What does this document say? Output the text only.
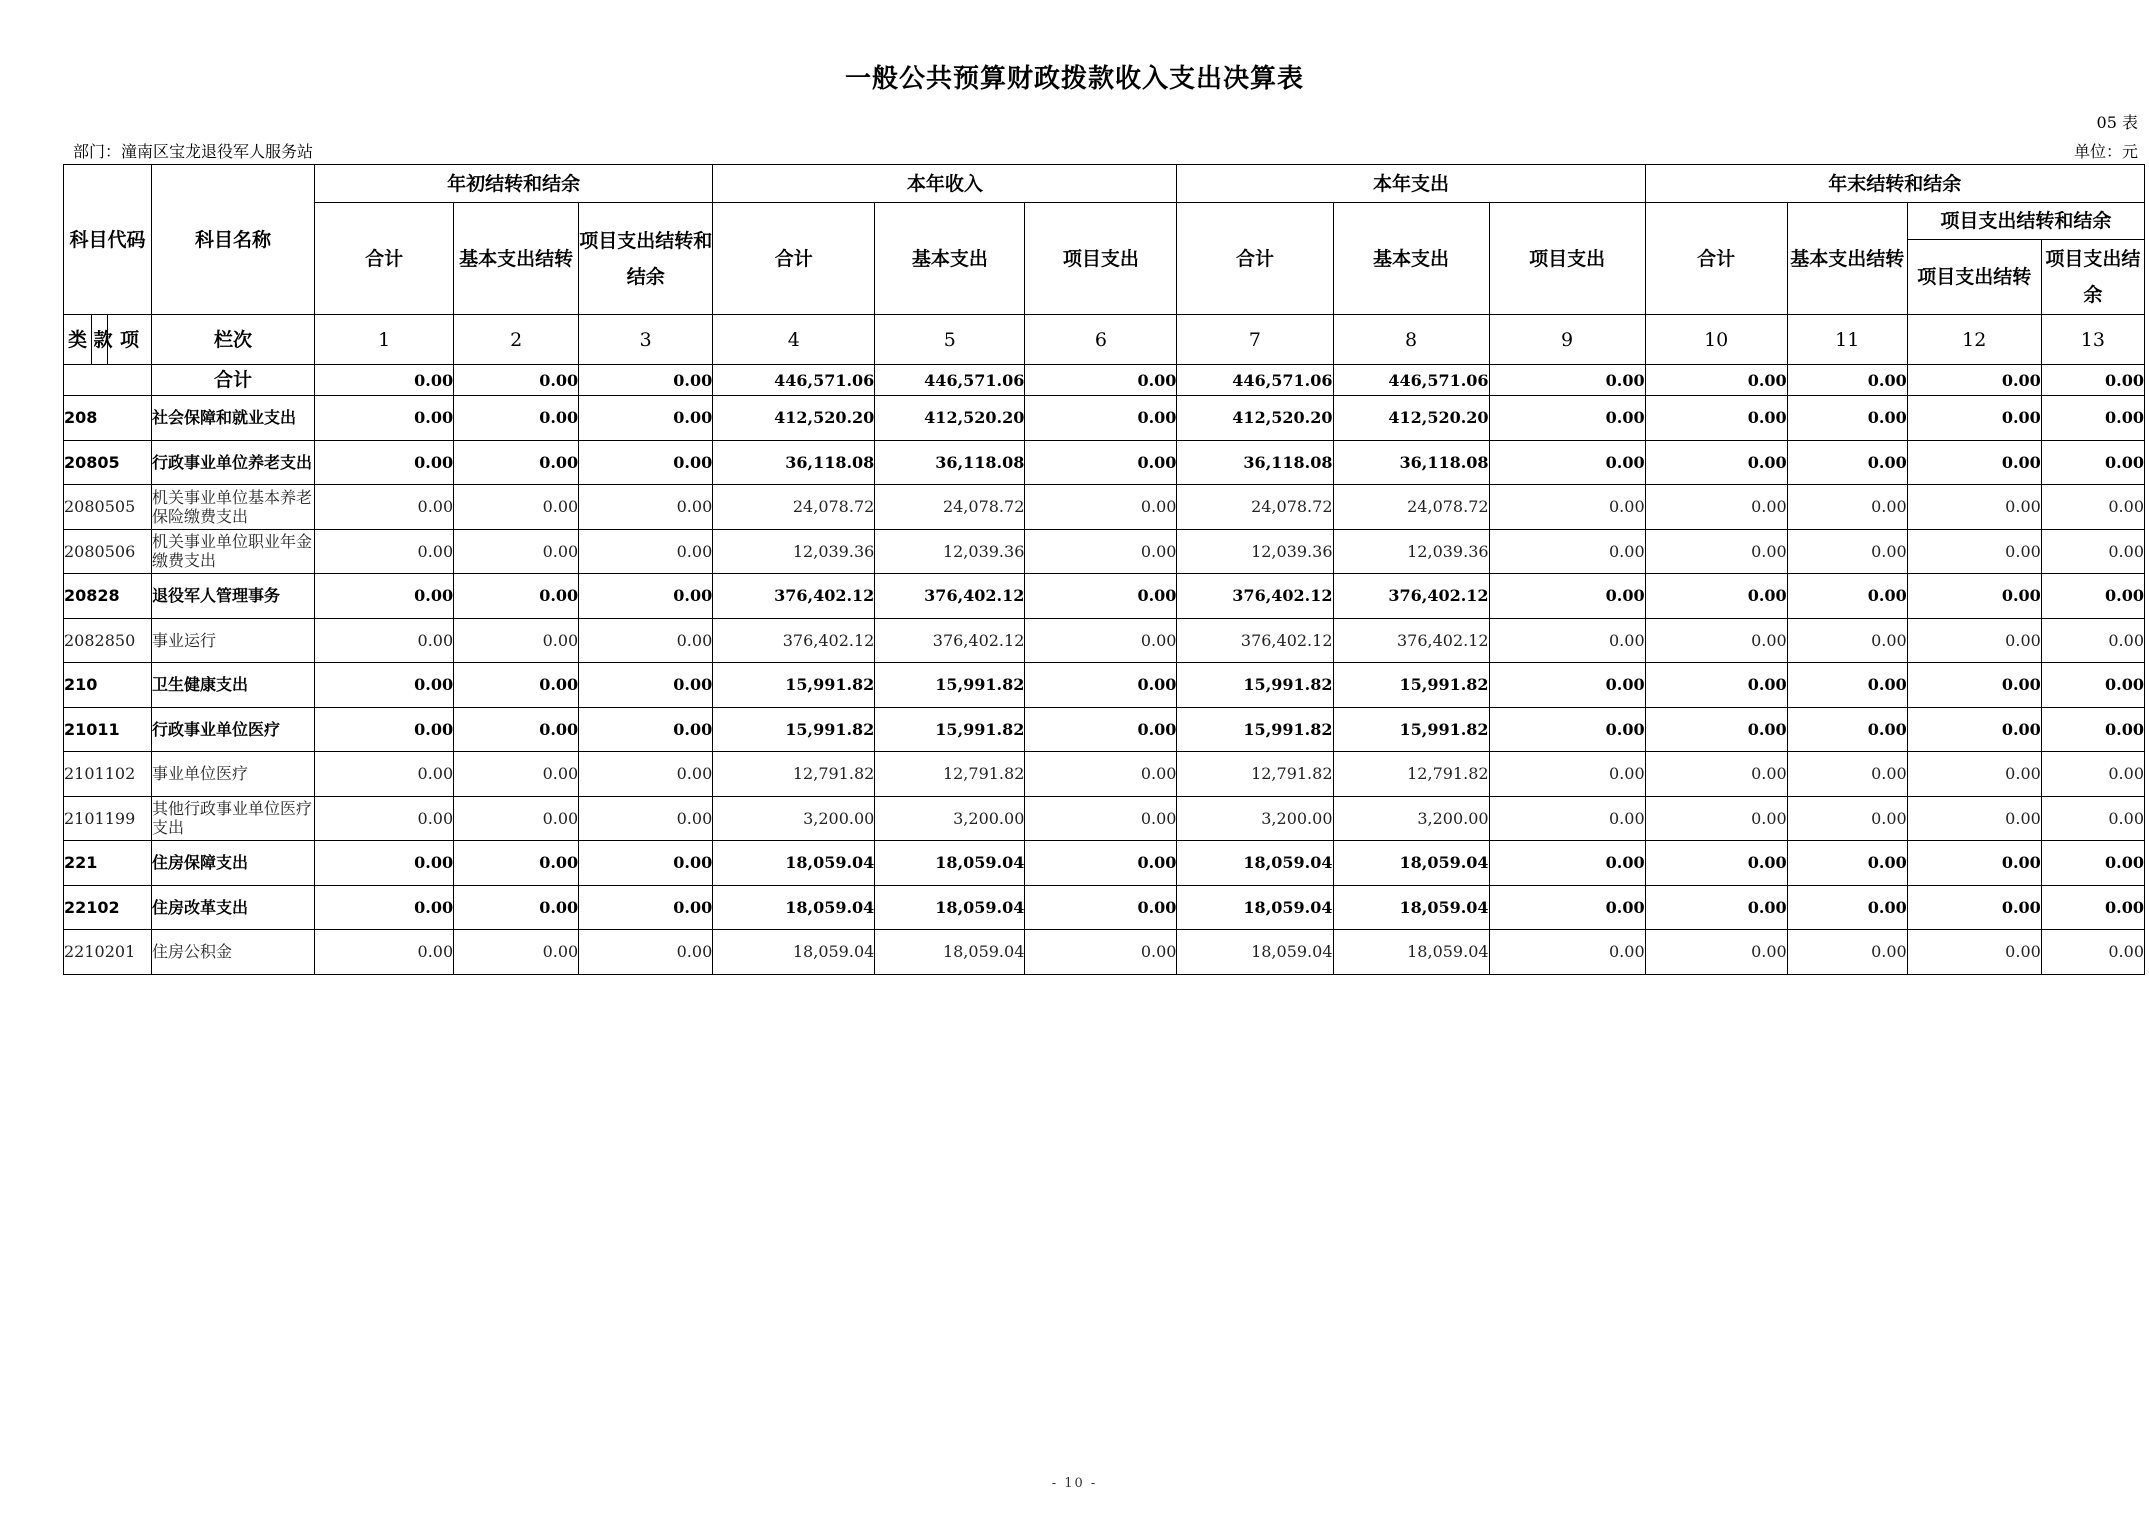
一般公共预算财政拨款收入支出决算表
05 表
部门：潼南区宝龙退役军人服务站	单位：元
科目代码			科目名称	年初结转和结余			本年收入			本年支出			年末结转和结余			
				合计	基本支出结转	项目支出结转和结余	合计	基本支出	项目支出	合计	基本支出	项目支出	合计	基本支出结转	项目支出结转和结余	
															项目支出结转	项目支出结余
类	款	项	栏次	1	2	3	4	5	6	7	8	9	10	11	12	13
			合计	0.00	0.00	0.00	446,571.06	446,571.06	0.00	446,571.06	446,571.06	0.00	0.00	0.00	0.00	0.00
208			社会保障和就业支出	0.00	0.00	0.00	412,520.20	412,520.20	0.00	412,520.20	412,520.20	0.00	0.00	0.00	0.00	0.00
20805			行政事业单位养老支出	0.00	0.00	0.00	36,118.08	36,118.08	0.00	36,118.08	36,118.08	0.00	0.00	0.00	0.00	0.00
2080505			机关事业单位基本养老保险缴费支出	0.00	0.00	0.00	24,078.72	24,078.72	0.00	24,078.72	24,078.72	0.00	0.00	0.00	0.00	0.00
2080506			机关事业单位职业年金缴费支出	0.00	0.00	0.00	12,039.36	12,039.36	0.00	12,039.36	12,039.36	0.00	0.00	0.00	0.00	0.00
20828			退役军人管理事务	0.00	0.00	0.00	376,402.12	376,402.12	0.00	376,402.12	376,402.12	0.00	0.00	0.00	0.00	0.00
2082850			事业运行	0.00	0.00	0.00	376,402.12	376,402.12	0.00	376,402.12	376,402.12	0.00	0.00	0.00	0.00	0.00
210			卫生健康支出	0.00	0.00	0.00	15,991.82	15,991.82	0.00	15,991.82	15,991.82	0.00	0.00	0.00	0.00	0.00
21011			行政事业单位医疗	0.00	0.00	0.00	15,991.82	15,991.82	0.00	15,991.82	15,991.82	0.00	0.00	0.00	0.00	0.00
2101102			事业单位医疗	0.00	0.00	0.00	12,791.82	12,791.82	0.00	12,791.82	12,791.82	0.00	0.00	0.00	0.00	0.00
2101199			其他行政事业单位医疗支出	0.00	0.00	0.00	3,200.00	3,200.00	0.00	3,200.00	3,200.00	0.00	0.00	0.00	0.00	0.00
221			住房保障支出	0.00	0.00	0.00	18,059.04	18,059.04	0.00	18,059.04	18,059.04	0.00	0.00	0.00	0.00	0.00
22102			住房改革支出	0.00	0.00	0.00	18,059.04	18,059.04	0.00	18,059.04	18,059.04	0.00	0.00	0.00	0.00	0.00
2210201			住房公积金	0.00	0.00	0.00	18,059.04	18,059.04	0.00	18,059.04	18,059.04	0.00	0.00	0.00	0.00	0.00
- 10 -
